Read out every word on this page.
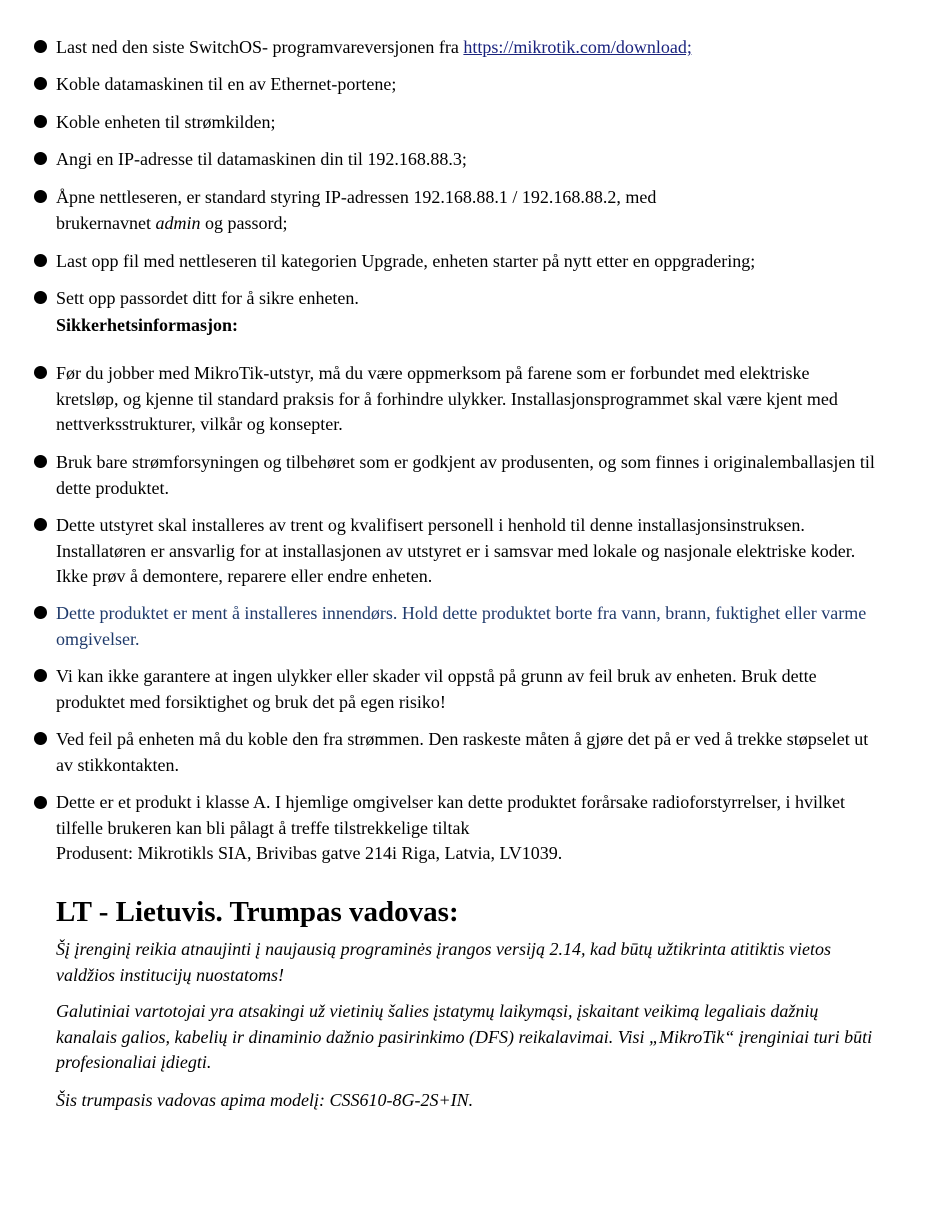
Last ned den siste SwitchOS- programvareversjonen fra https://mikrotik.com/download;
Koble datamaskinen til en av Ethernet-portene;
Koble enheten til strømkilden;
Angi en IP-adresse til datamaskinen din til 192.168.88.3;
Åpne nettleseren, er standard styring IP-adressen 192.168.88.1 / 192.168.88.2, med
brukernavnet admin og passord;
Last opp fil med nettleseren til kategorien Upgrade, enheten starter på nytt etter en oppgradering;
Sett opp passordet ditt for å sikre enheten.
Sikkerhetsinformasjon:
Før du jobber med MikroTik-utstyr, må du være oppmerksom på farene som er forbundet med elektriske kretsløp, og kjenne til standard praksis for å forhindre ulykker. Installasjonsprogrammet skal være kjent med nettverksstrukturer, vilkår og konsepter.
Bruk bare strømforsyningen og tilbehøret som er godkjent av produsenten, og som finnes i originalemballasjen til dette produktet.
Dette utstyret skal installeres av trent og kvalifisert personell i henhold til denne installasjonsinstruksen. Installatøren er ansvarlig for at installasjonen av utstyret er i samsvar med lokale og nasjonale elektriske koder. Ikke prøv å demontere, reparere eller endre enheten.
Dette produktet er ment å installeres innendørs. Hold dette produktet borte fra vann, brann, fuktighet eller varme omgivelser.
Vi kan ikke garantere at ingen ulykker eller skader vil oppstå på grunn av feil bruk av enheten. Bruk dette produktet med forsiktighet og bruk det på egen risiko!
Ved feil på enheten må du koble den fra strømmen. Den raskeste måten å gjøre det på er ved å trekke støpselet ut av stikkontakten.
Dette er et produkt i klasse A. I hjemlige omgivelser kan dette produktet forårsake radioforstyrrelser, i hvilket tilfelle brukeren kan bli pålagt å treffe tilstrekkelige tiltak
Produsent: Mikrotikls SIA, Brivibas gatve 214i Riga, Latvia, LV1039.
LT - Lietuvis. Trumpas vadovas:
Šį įrenginį reikia atnaujinti į naujausią programinės įrangos versiją 2.14, kad būtų užtikrinta atitiktis vietos valdžios institucijų nuostatoms!
Galutiniai vartotojai yra atsakingi už vietinių šalies įstatymų laikymąsi, įskaitant veikimą legaliais dažnių kanalais galios, kabelių ir dinaminio dažnio pasirinkimo (DFS) reikalavimai. Visi „MikroTik“ įrenginiai turi būti profesionaliai įdiegti.
Šis trumpasis vadovas apima modelį: CSS610-8G-2S+IN.
